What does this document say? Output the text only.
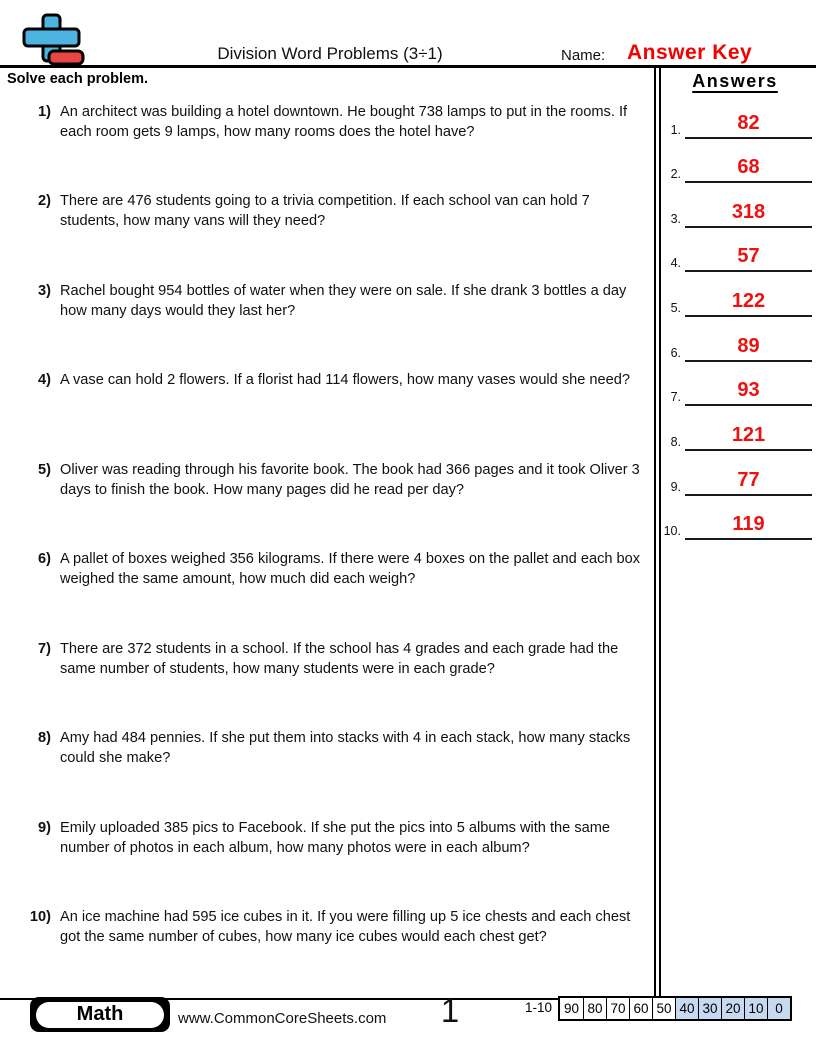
Division Word Problems (3÷1)	Name: Answer Key
Solve each problem.
1) An architect was building a hotel downtown. He bought 738 lamps to put in the rooms. If each room gets 9 lamps, how many rooms does the hotel have?
2) There are 476 students going to a trivia competition. If each school van can hold 7 students, how many vans will they need?
3) Rachel bought 954 bottles of water when they were on sale. If she drank 3 bottles a day how many days would they last her?
4) A vase can hold 2 flowers. If a florist had 114 flowers, how many vases would she need?
5) Oliver was reading through his favorite book. The book had 366 pages and it took Oliver 3 days to finish the book. How many pages did he read per day?
6) A pallet of boxes weighed 356 kilograms. If there were 4 boxes on the pallet and each box weighed the same amount, how much did each weigh?
7) There are 372 students in a school. If the school has 4 grades and each grade had the same number of students, how many students were in each grade?
8) Amy had 484 pennies. If she put them into stacks with 4 in each stack, how many stacks could she make?
9) Emily uploaded 385 pics to Facebook. If she put the pics into 5 albums with the same number of photos in each album, how many photos were in each album?
10) An ice machine had 595 ice cubes in it. If you were filling up 5 ice chests and each chest got the same number of cubes, how many ice cubes would each chest get?
Answers
1.	82
2.	68
3.	318
4.	57
5.	122
6.	89
7.	93
8.	121
9.	77
10.	119
Math	www.CommonCoreSheets.com	1	1-10 90 80 70 60 50 40 30 20 10 0
